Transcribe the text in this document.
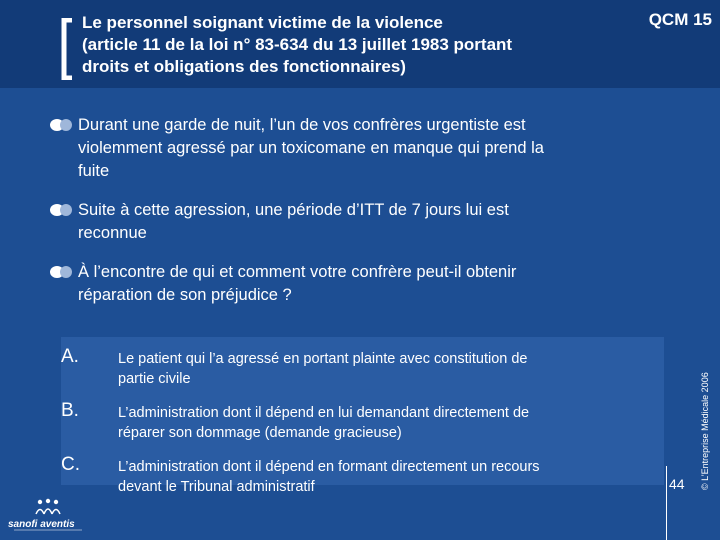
Le personnel soignant victime de la violence
(article 11 de la loi n° 83-634 du 13 juillet 1983 portant
droits et obligations des fonctionnaires)
QCM 15
Durant une garde de nuit, l’un de vos confrères urgentiste est
violemment agressé par un toxicomane en manque qui prend la
fuite
Suite à cette agression, une période d’ITT de 7 jours lui est
reconnue
À l’encontre de qui et comment votre confrère peut-il obtenir
réparation de son préjudice ?
A.	Le patient qui l’a agressé en portant plainte avec constitution de
partie civile
B.	L’administration dont il dépend en lui demandant directement de
réparer son dommage (demande gracieuse)
C.	L’administration dont il dépend en formant directement un recours
devant le Tribunal administratif	© L’Entreprise Médicale 2006
sanofi aventis
44
